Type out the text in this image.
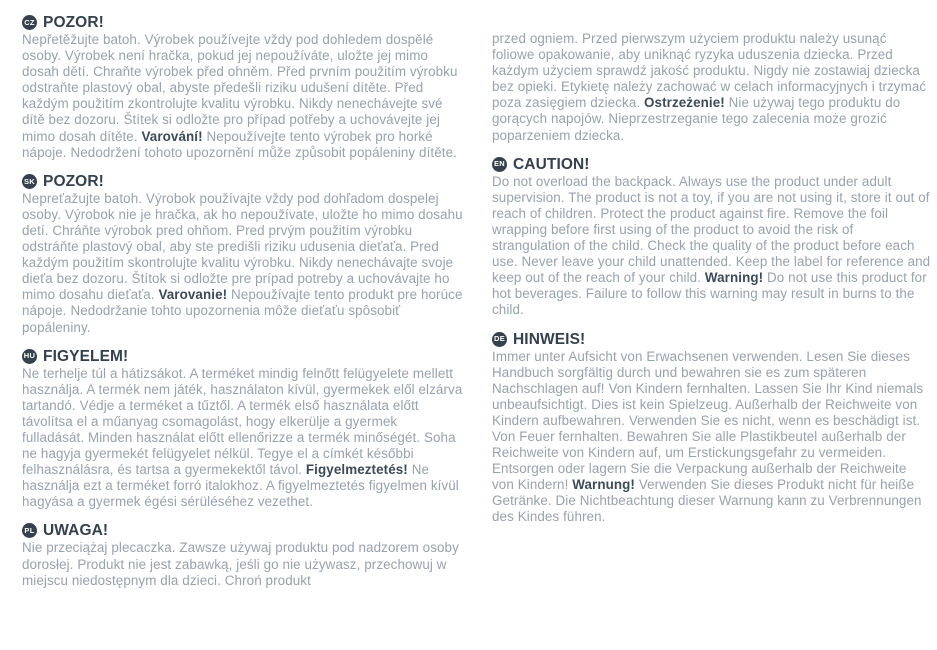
CZ POZOR!

Nepřetěžujte batoh. Výrobek používejte vždy pod dohledem dospělé osoby. Výrobek není hračka, pokud jej nepoužíváte, uložte jej mimo dosah dětí. Chraňte výrobek před ohněm. Před prvním použitím výrobku odstraňte plastový obal, abyste předešli riziku udušení dítěte. Před každým použitím zkontrolujte kvalitu výrobku. Nikdy nenechávejte své dítě bez dozoru. Štítek si odložte pro případ potřeby a uchovávejte jej mimo dosah dítěte. Varování! Nepoužívejte tento výrobek pro horké nápoje. Nedodržení tohoto upozornění může způsobit popáleniny dítěte.

SK POZOR!

Nepreťažujte batoh. Výrobok používajte vždy pod dohľadom dospelej osoby. Výrobok nie je hračka, ak ho nepoužívate, uložte ho mimo dosahu detí. Chráňte výrobok pred ohňom. Pred prvým použitím výrobku odstráňte plastový obal, aby ste predišli riziku udusenia dieťaťa. Pred každým použitím skontrolujte kvalitu výrobku. Nikdy nenechávajte svoje dieťa bez dozoru. Štítok si odložte pre prípad potreby a uchovávajte ho mimo dosahu dieťaťa. Varovanie! Nepoužívajte tento produkt pre horúce nápoje. Nedodržanie tohto upozornenia môže dieťaťu spôsobiť popáleniny.

HU FIGYELEM!

Ne terhelje túl a hátizsákot. A terméket mindig felnőtt felügyelete mellett használja. A termék nem játék, használaton kívül, gyermekek elől elzárva tartandó. Védje a terméket a tűztől. A termék első használata előtt távolítsa el a műanyag csomagolást, hogy elkerülje a gyermek fulladását. Minden használat előtt ellenőrizze a termék minőségét. Soha ne hagyja gyermekét felügyelet nélkül. Tegye el a címkét későbbi felhasználásra, és tartsa a gyermekektől távol. Figyelmeztetés! Ne használja ezt a terméket forró italokhoz. A figyelmeztetés figyelmen kívül hagyása a gyermek égési sérüléséhez vezethet.

PL UWAGA!

Nie przeciążaj plecaczka. Zawsze używaj produktu pod nadzorem osoby dorosłej. Produkt nie jest zabawką, jeśli go nie używasz, przechowuj w miejscu niedostępnym dla dzieci. Chroń produkt

przed ogniem. Przed pierwszym użyciem produktu należy usunąć foliowe opakowanie, aby uniknąć ryzyka uduszenia dziecka. Przed każdym użyciem sprawdź jakość produktu. Nigdy nie zostawiaj dziecka bez opieki. Etykietę należy zachować w celach informacyjnych i trzymać poza zasięgiem dziecka. Ostrzeżenie! Nie używaj tego produktu do gorących napojów. Nieprzestrzeganie tego zalecenia może grozić poparzeniem dziecka.

EN CAUTION!

Do not overload the backpack. Always use the product under adult supervision. The product is not a toy, if you are not using it, store it out of reach of children. Protect the product against fire. Remove the foil wrapping before first using of the product to avoid the risk of strangulation of the child. Check the quality of the product before each use. Never leave your child unattended. Keep the label for reference and keep out of the reach of your child. Warning! Do not use this product for hot beverages. Failure to follow this warning may result in burns to the child.

DE HINWEIS!

Immer unter Aufsicht von Erwachsenen verwenden. Lesen Sie dieses Handbuch sorgfältig durch und bewahren sie es zum späteren Nachschlagen auf! Von Kindern fernhalten. Lassen Sie Ihr Kind niemals unbeaufsichtigt. Dies ist kein Spielzeug. Außerhalb der Reichweite von Kindern aufbewahren. Verwenden Sie es nicht, wenn es beschädigt ist. Von Feuer fernhalten. Bewahren Sie alle Plastikbeutel außerhalb der Reichweite von Kindern auf, um Erstickungsgefahr zu vermeiden. Entsorgen oder lagern Sie die Verpackung außerhalb der Reichweite von Kindern! Warnung! Verwenden Sie dieses Produkt nicht für heiße Getränke. Die Nichtbeachtung dieser Warnung kann zu Verbrennungen des Kindes führen.
